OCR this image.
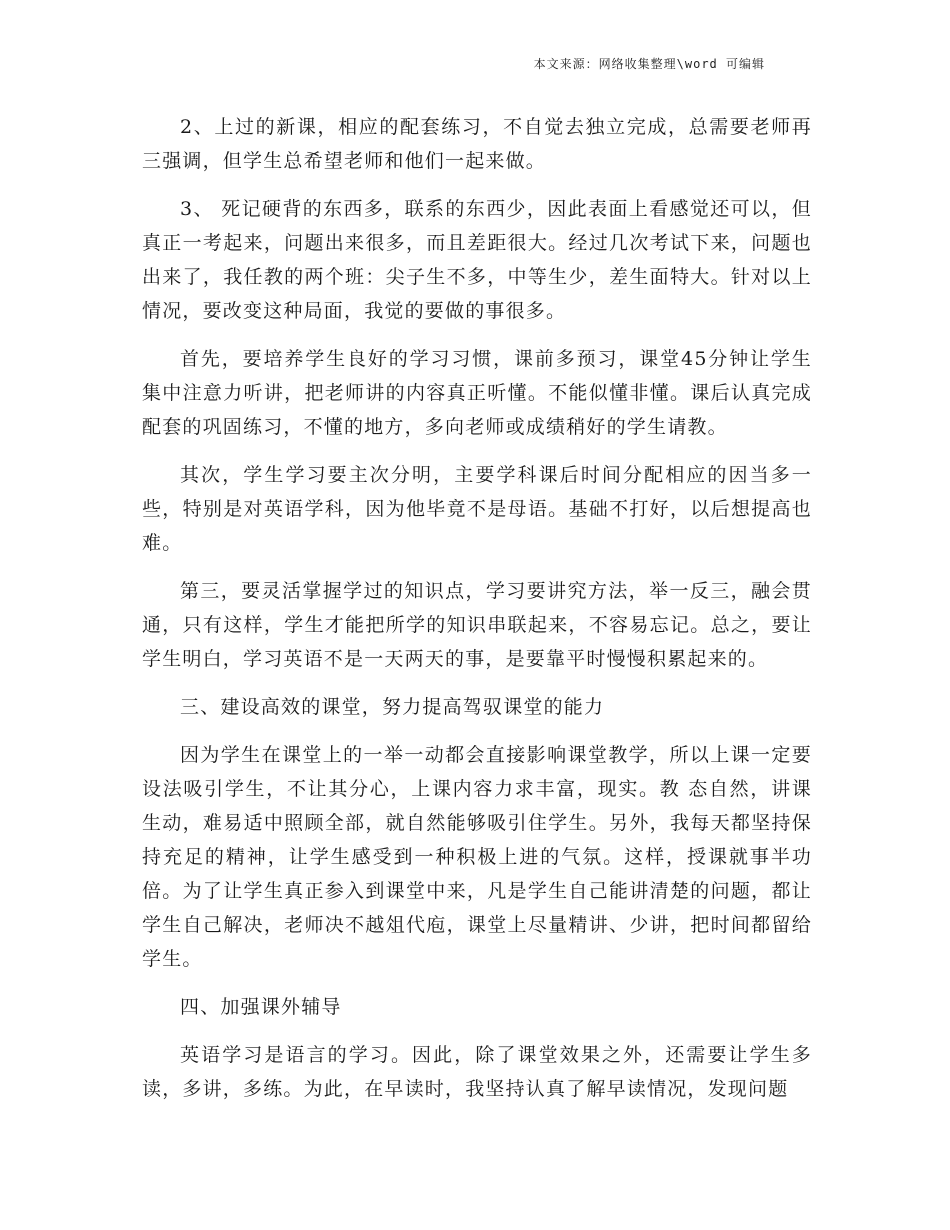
本文来源：网络收集整理\word 可编辑

2、上过的新课，相应的配套练习，不自觉去独立完成，总需要老师再三强调，但学生总希望老师和他们一起来做。

3、 死记硬背的东西多，联系的东西少，因此表面上看感觉还可以，但真正一考起来，问题出来很多，而且差距很大。经过几次考试下来，问题也出来了，我任教的两个班：尖子生不多，中等生少，差生面特大。针对以上情况，要改变这种局面，我觉的要做的事很多。

首先，要培养学生良好的学习习惯，课前多预习，课堂45分钟让学生集中注意力听讲，把老师讲的内容真正听懂。不能似懂非懂。课后认真完成配套的巩固练习，不懂的地方，多向老师或成绩稍好的学生请教。

其次，学生学习要主次分明，主要学科课后时间分配相应的因当多一些，特别是对英语学科，因为他毕竟不是母语。基础不打好，以后想提高也难。

第三，要灵活掌握学过的知识点，学习要讲究方法，举一反三，融会贯通，只有这样，学生才能把所学的知识串联起来，不容易忘记。总之，要让学生明白，学习英语不是一天两天的事，是要靠平时慢慢积累起来的。

三、建设高效的课堂，努力提高驾驭课堂的能力

因为学生在课堂上的一举一动都会直接影响课堂教学，所以上课一定要设法吸引学生，不让其分心，上课内容力求丰富，现实。教 态自然，讲课生动，难易适中照顾全部，就自然能够吸引住学生。另外，我每天都坚持保持充足的精神，让学生感受到一种积极上进的气氛。这样，授课就事半功倍。为了让学生真正参入到课堂中来，凡是学生自己能讲清楚的问题，都让学生自己解决，老师决不越俎代庖，课堂上尽量精讲、少讲，把时间都留给学生。

四、加强课外辅导

英语学习是语言的学习。因此，除了课堂效果之外，还需要让学生多读，多讲，多练。为此，在早读时，我坚持认真了解早读情况，发现问题
